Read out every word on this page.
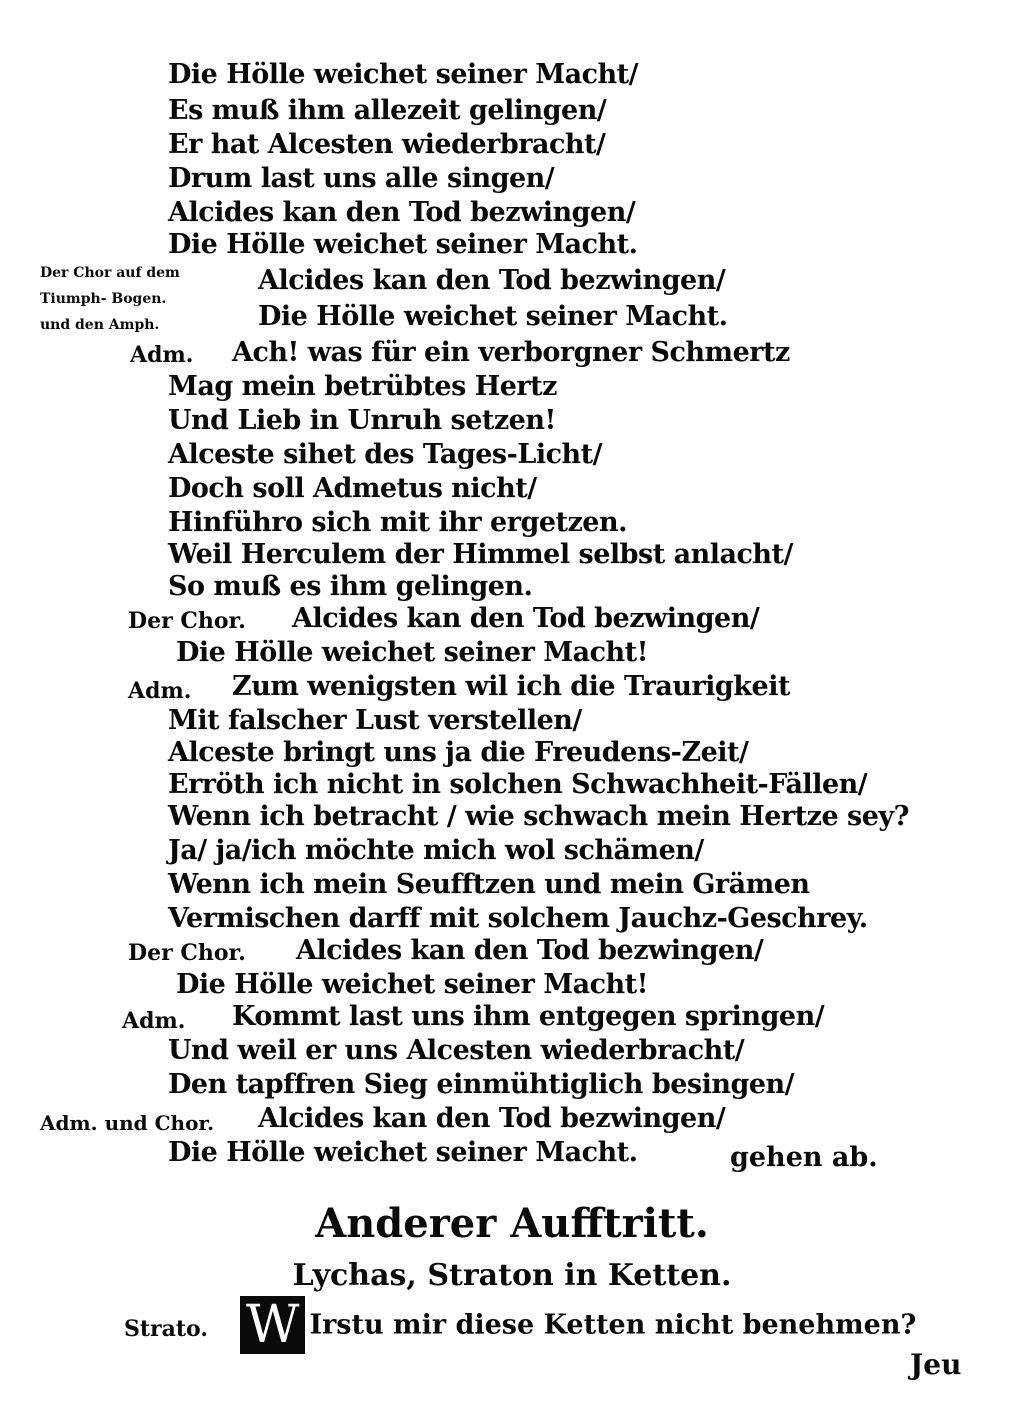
Die Hölle weichet seiner Macht/
Es muß ihm allezeit gelingen/
Er hat Alcesten wiederbracht/
Drum last uns alle singen/
Alcides kan den Tod bezwingen/
Die Hölle weichet seiner Macht.
Der Chor auf dem
Tiumph- Bogen.
und den Amph.
Alcides kan den Tod bezwingen/
Die Hölle weichet seiner Macht.
Adm. Ach! was für ein verborgner Schmertz
Mag mein betrübtes Hertz
Und Lieb in Unruh setzen!
Alceste sihet des Tages-Licht/
Doch soll Admetus nicht/
Hinführo sich mit ihr ergetzen.
Weil Herculem der Himmel selbst anlacht/
So muß es ihm gelingen.
Der Chor. Alcides kan den Tod bezwingen/
Die Hölle weichet seiner Macht!
Adm. Zum wenigsten wil ich die Traurigkeit
Mit falscher Lust verstellen/
Alceste bringt uns ja die Freudens-Zeit/
Erröth ich nicht in solchen Schwachheit-Fällen/
Wenn ich betracht / wie schwach mein Hertze sey?
Ja/ ja/ich möchte mich wol schämen/
Wenn ich mein Seufftzen und mein Grämen
Vermischen darff mit solchem Jauchz-Geschrey.
Der Chor. Alcides kan den Tod bezwingen/
Die Hölle weichet seiner Macht!
Adm. Kommt last uns ihm entgegen springen/
Und weil er uns Alcesten wiederbracht/
Den tapffren Sieg einmühtiglich besingen/
Adm. und Chor. Alcides kan den Tod bezwingen/
Die Hölle weichet seiner Macht.	gehen ab.
Anderer Aufftritt.
Lychas, Straton in Ketten.
Strato. W Irstu mir diese Ketten nicht benehmen?
Jeu
